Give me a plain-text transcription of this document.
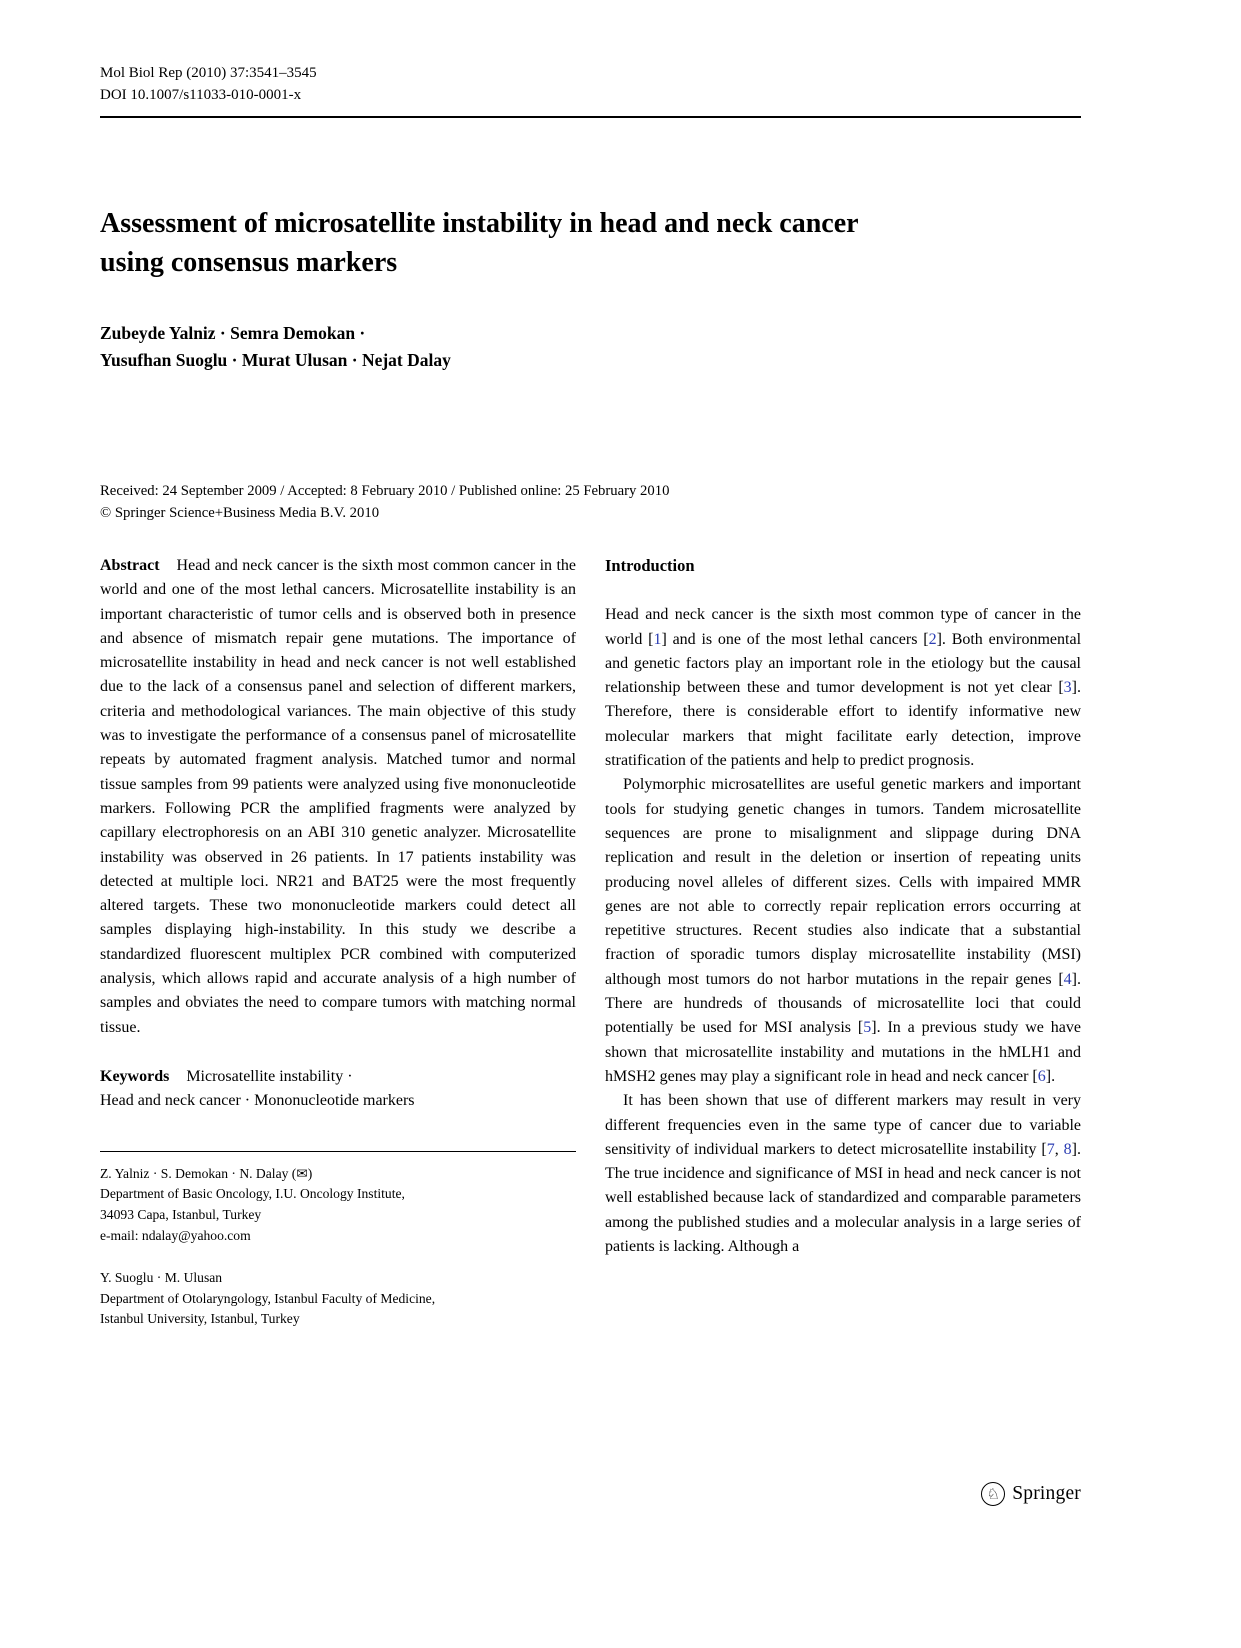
Mol Biol Rep (2010) 37:3541–3545
DOI 10.1007/s11033-010-0001-x
Assessment of microsatellite instability in head and neck cancer
using consensus markers
Zubeyde Yalniz · Semra Demokan ·
Yusufhan Suoglu · Murat Ulusan · Nejat Dalay
Received: 24 September 2009 / Accepted: 8 February 2010 / Published online: 25 February 2010
© Springer Science+Business Media B.V. 2010

Abstract Head and neck cancer is the sixth most common cancer in the world and one of the most lethal cancers. Microsatellite instability is an important characteristic of tumor cells and is observed both in presence and absence of mismatch repair gene mutations. The importance of microsatellite instability in head and neck cancer is not well established due to the lack of a consensus panel and selection of different markers, criteria and methodological variances. The main objective of this study was to investigate the performance of a consensus panel of microsatellite repeats by automated fragment analysis. Matched tumor and normal tissue samples from 99 patients were analyzed using five mononucleotide markers. Following PCR the amplified fragments were analyzed by capillary electrophoresis on an ABI 310 genetic analyzer. Microsatellite instability was observed in 26 patients. In 17 patients instability was detected at multiple loci. NR21 and BAT25 were the most frequently altered targets. These two mononucleotide markers could detect all samples displaying high-instability. In this study we describe a standardized fluorescent multiplex PCR combined with computerized analysis, which allows rapid and accurate analysis of a high number of samples and obviates the need to compare tumors with matching normal tissue.

Keywords Microsatellite instability ·
Head and neck cancer · Mononucleotide markers

Z. Yalniz · S. Demokan · N. Dalay (✉)
Department of Basic Oncology, I.U. Oncology Institute,
34093 Capa, Istanbul, Turkey
e-mail: ndalay@yahoo.com
Y. Suoglu · M. Ulusan
Department of Otolaryngology, Istanbul Faculty of Medicine,
Istanbul University, Istanbul, Turkey
Introduction

Head and neck cancer is the sixth most common type of cancer in the world [1] and is one of the most lethal cancers [2]. Both environmental and genetic factors play an important role in the etiology but the causal relationship between these and tumor development is not yet clear [3]. Therefore, there is considerable effort to identify informative new molecular markers that might facilitate early detection, improve stratification of the patients and help to predict prognosis.

Polymorphic microsatellites are useful genetic markers and important tools for studying genetic changes in tumors. Tandem microsatellite sequences are prone to misalignment and slippage during DNA replication and result in the deletion or insertion of repeating units producing novel alleles of different sizes. Cells with impaired MMR genes are not able to correctly repair replication errors occurring at repetitive structures. Recent studies also indicate that a substantial fraction of sporadic tumors display microsatellite instability (MSI) although most tumors do not harbor mutations in the repair genes [4]. There are hundreds of thousands of microsatellite loci that could potentially be used for MSI analysis [5]. In a previous study we have shown that microsatellite instability and mutations in the hMLH1 and hMSH2 genes may play a significant role in head and neck cancer [6].

It has been shown that use of different markers may result in very different frequencies even in the same type of cancer due to variable sensitivity of individual markers to detect microsatellite instability [7, 8]. The true incidence and significance of MSI in head and neck cancer is not well established because lack of standardized and comparable parameters among the published studies and a molecular analysis in a large series of patients is lacking. Although a

♘ Springer
